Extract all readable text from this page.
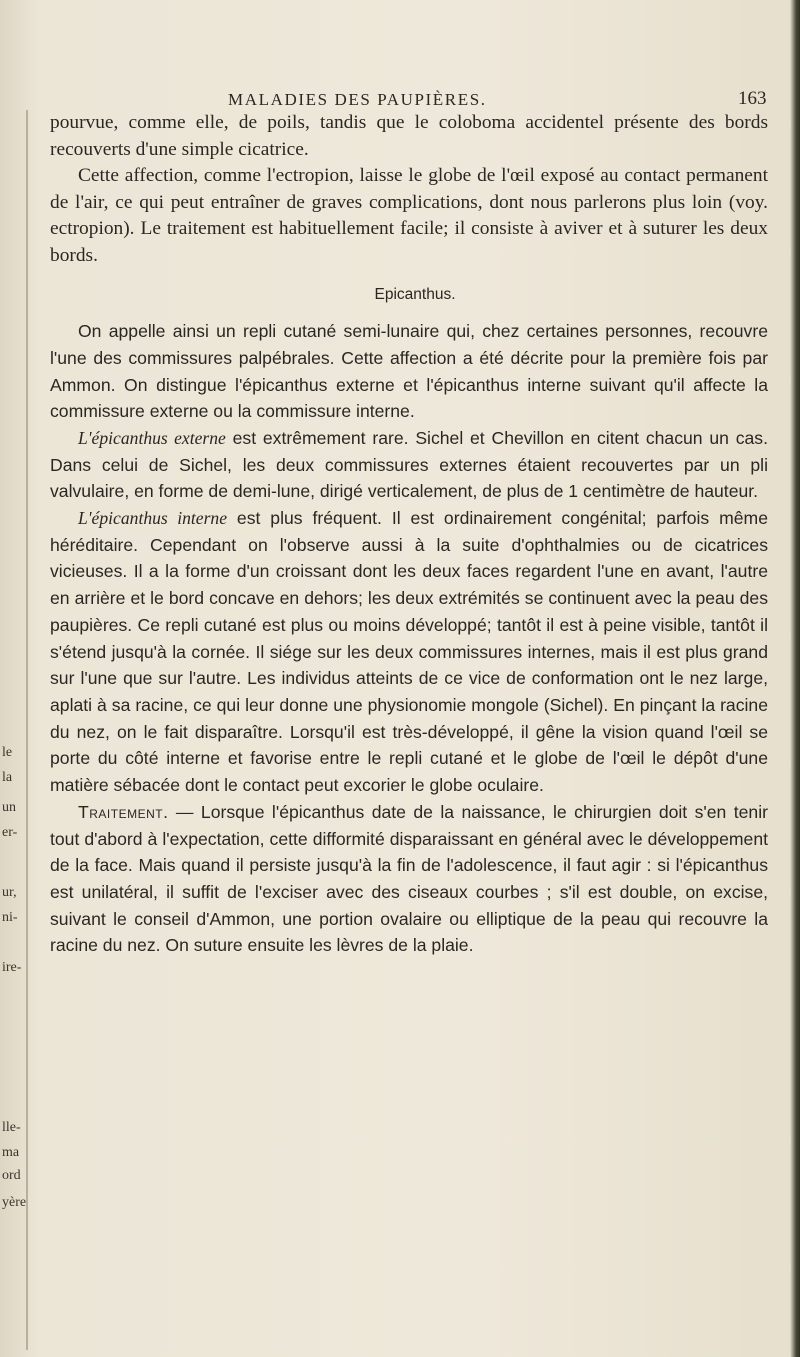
le
la
un
er-
ur,
ni-
ire-
lle-
ma
ord
yère
MALADIES DES PAUPIÈRES.	163

pourvue, comme elle, de poils, tandis que le coloboma accidentel présente des bords recouverts d'une simple cicatrice.

Cette affection, comme l'ectropion, laisse le globe de l'œil exposé au contact permanent de l'air, ce qui peut entraîner de graves complications, dont nous parlerons plus loin (voy. ectropion). Le traitement est habituellement facile; il consiste à aviver et à suturer les deux bords.

Epicanthus.

On appelle ainsi un repli cutané semi-lunaire qui, chez certaines personnes, recouvre l'une des commissures palpébrales. Cette affection a été décrite pour la première fois par Ammon. On distingue l'épicanthus externe et l'épicanthus interne suivant qu'il affecte la commissure externe ou la commissure interne.

L'épicanthus externe est extrêmement rare. Sichel et Chevillon en citent chacun un cas. Dans celui de Sichel, les deux commissures externes étaient recouvertes par un pli valvulaire, en forme de demi-lune, dirigé verticalement, de plus de 1 centimètre de hauteur.

L'épicanthus interne est plus fréquent. Il est ordinairement congénital; parfois même héréditaire. Cependant on l'observe aussi à la suite d'ophthalmies ou de cicatrices vicieuses. Il a la forme d'un croissant dont les deux faces regardent l'une en avant, l'autre en arrière et le bord concave en dehors; les deux extrémités se continuent avec la peau des paupières. Ce repli cutané est plus ou moins développé; tantôt il est à peine visible, tantôt il s'étend jusqu'à la cornée. Il siége sur les deux commissures internes, mais il est plus grand sur l'une que sur l'autre. Les individus atteints de ce vice de conformation ont le nez large, aplati à sa racine, ce qui leur donne une physionomie mongole (Sichel). En pinçant la racine du nez, on le fait disparaître. Lorsqu'il est très-développé, il gêne la vision quand l'œil se porte du côté interne et favorise entre le repli cutané et le globe de l'œil le dépôt d'une matière sébacée dont le contact peut excorier le globe oculaire.

Traitement. — Lorsque l'épicanthus date de la naissance, le chirurgien doit s'en tenir tout d'abord à l'expectation, cette difformité disparaissant en général avec le développement de la face. Mais quand il persiste jusqu'à la fin de l'adolescence, il faut agir : si l'épicanthus est unilatéral, il suffit de l'exciser avec des ciseaux courbes ; s'il est double, on excise, suivant le conseil d'Ammon, une portion ovalaire ou elliptique de la peau qui recouvre la racine du nez. On suture ensuite les lèvres de la plaie.
